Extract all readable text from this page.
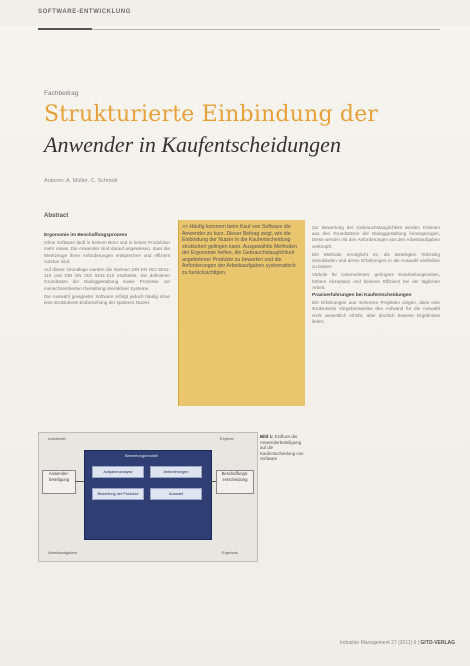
SOFTWARE-ENTWICKLUNG
Fachbeitrag
Strukturierte Einbindung der
Anwender in Kaufentscheidungen
Autoren: A. Müller, C. Schmidt
Abstract
Ergonomie im Beschaffungsprozess

Ohne Software läuft in keinem Büro und in keiner Produktion mehr etwas. Die Anwender sind darauf angewiesen, dass die Werkzeuge ihren Anforderungen entsprechen und effizient nutzbar sind.

Auf dieser Grundlage wurden die Normen DIN EN ISO 9241-110 und DIN EN ISO 9241-210 erarbeitet. Sie definieren Grundsätze der Dialoggestaltung sowie Prozesse zur menschzentrierten Gestaltung interaktiver Systeme.

Die Auswahl geeigneter Software erfolgt jedoch häufig ohne eine strukturierte Einbeziehung der späteren Nutzer.

>> Häufig kommen beim Kauf von Software die Anwender zu kurz. Dieser Beitrag zeigt, wie die Einbindung der Nutzer in die Kaufentscheidung strukturiert gelingen kann. Ausgewählte Methoden der Ergonomie helfen, die Gebrauchstauglichkeit angebotener Produkte zu bewerten und die Anforderungen der Arbeitsaufgaben systematisch zu berücksichtigen.

Zur Bewertung der Gebrauchstauglichkeit werden Kriterien aus den Grundsätzen der Dialoggestaltung herangezogen. Diese werden mit den Anforderungen aus den Arbeitsaufgaben verknüpft.

Die Methode ermöglicht es, die Beteiligten frühzeitig einzubinden und deren Erfahrungen in die Auswahl einfließen zu lassen.

Vorteile für Unternehmen: geringere Einarbeitungszeiten, höhere Akzeptanz und bessere Effizienz bei der täglichen Arbeit.

Praxiserfahrungen bei Kaufentscheidungen

Die Erfahrungen aus mehreren Projekten zeigen, dass eine strukturierte Vorgehensweise den Aufwand für die Auswahl nicht wesentlich erhöht, aber deutlich bessere Ergebnisse liefert.

Anwender	Experte
Anwender-beteiligung
Bewertungsmodell
Aufgabenanalyse	Anforderungen
Bewertung der Produkte	Auswahl
Beschaffungs-entscheidung
Arbeitsaufgaben	Ergebnis
Bild 1: Einfluss der Anwenderbeteiligung auf die Kaufentscheidung von Software
Industrie Management 27 (2011) 6 | GITO-VERLAG
